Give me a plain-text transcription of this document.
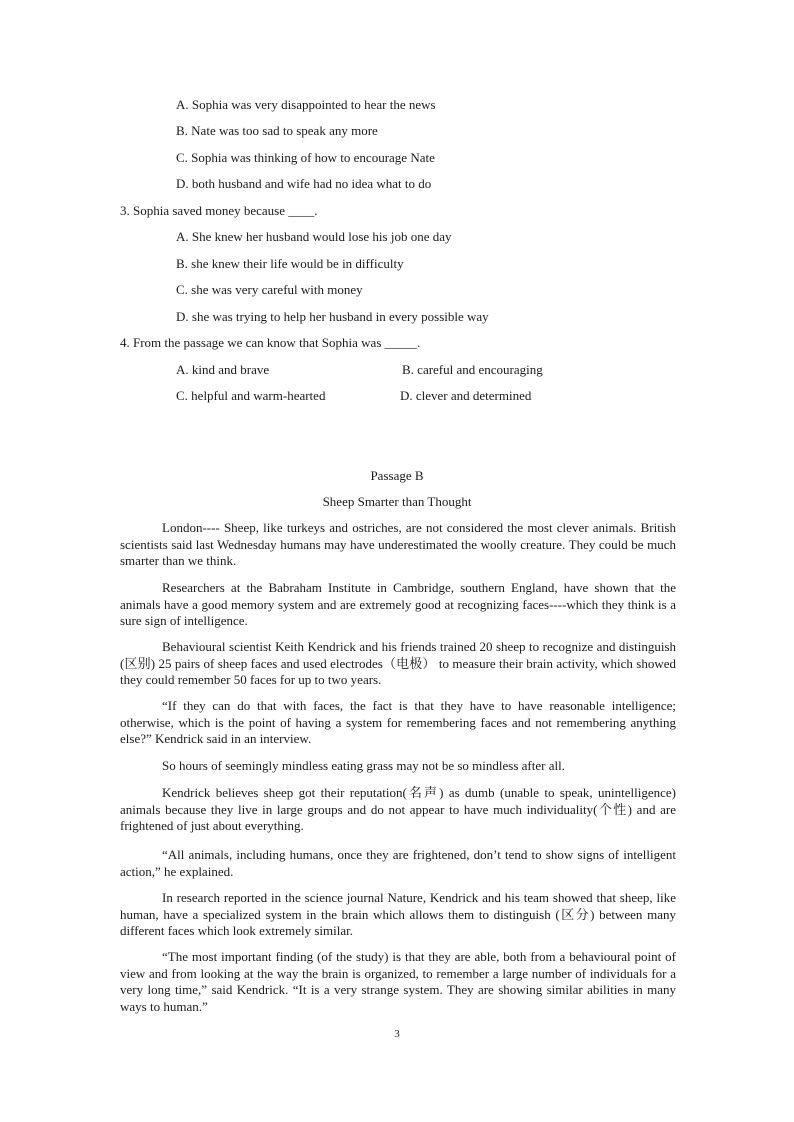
A. Sophia was very disappointed to hear the news
B. Nate was too sad to speak any more
C. Sophia was thinking of how to encourage Nate
D. both husband and wife had no idea what to do
3. Sophia saved money because ____.
A. She knew her husband would lose his job one day
B. she knew their life would be in difficulty
C. she was very careful with money
D. she was trying to help her husband in every possible way
4. From the passage we can know that Sophia was _____.
A. kind and brave	B. careful and encouraging
C. helpful and warm-hearted	D. clever and determined
Passage B
Sheep Smarter than Thought
London---- Sheep, like turkeys and ostriches, are not considered the most clever animals. British scientists said last Wednesday humans may have underestimated the woolly creature. They could be much smarter than we think.
Researchers at the Babraham Institute in Cambridge, southern England, have shown that the animals have a good memory system and are extremely good at recognizing faces----which they think is a sure sign of intelligence.
Behavioural scientist Keith Kendrick and his friends trained 20 sheep to recognize and distinguish (区别) 25 pairs of sheep faces and used electrodes（电极） to measure their brain activity, which showed they could remember 50 faces for up to two years.
“If they can do that with faces, the fact is that they have to have reasonable intelligence; otherwise, which is the point of having a system for remembering faces and not remembering anything else?” Kendrick said in an interview.
So hours of seemingly mindless eating grass may not be so mindless after all.
Kendrick believes sheep got their reputation(名声) as dumb (unable to speak, unintelligence) animals because they live in large groups and do not appear to have much individuality(个性) and are frightened of just about everything.
“All animals, including humans, once they are frightened, don’t tend to show signs of intelligent action,” he explained.
In research reported in the science journal Nature, Kendrick and his team showed that sheep, like human, have a specialized system in the brain which allows them to distinguish (区分) between many different faces which look extremely similar.
“The most important finding (of the study) is that they are able, both from a behavioural point of view and from looking at the way the brain is organized, to remember a large number of individuals for a very long time,” said Kendrick. “It is a very strange system. They are showing similar abilities in many ways to human.”
3
